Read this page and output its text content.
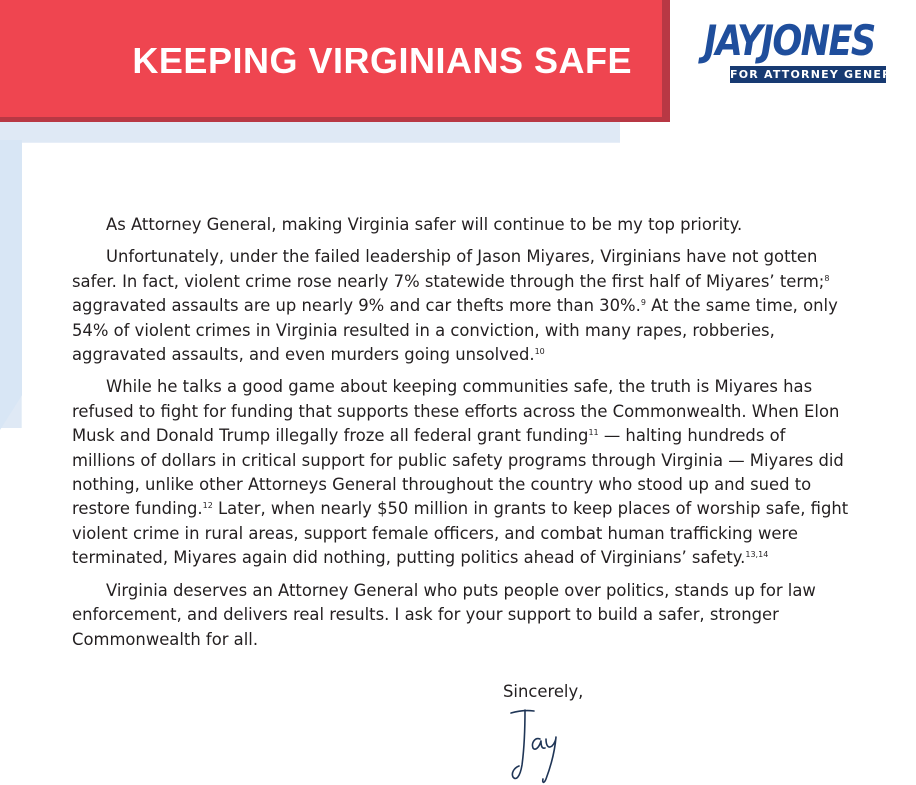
KEEPING VIRGINIANS SAFE JAYJONES
FOR ATTORNEY GENERAL

As Attorney General, making Virginia safer will continue to be my top priority.

Unfortunately, under the failed leadership of Jason Miyares, Virginians have not gotten safer. In fact, violent crime rose nearly 7% statewide through the first half of Miyares’ term;$^8$ aggravated assaults are up nearly 9% and car thefts more than 30%.$^9$ At the same time, only 54% of violent crimes in Virginia resulted in a conviction, with many rapes, robberies, aggravated assaults, and even murders going unsolved.$^{10}$

While he talks a good game about keeping communities safe, the truth is Miyares has refused to fight for funding that supports these efforts across the Commonwealth. When Elon Musk and Donald Trump illegally froze all federal grant funding$^{11}$ — halting hundreds of millions of dollars in critical support for public safety programs through Virginia — Miyares did nothing, unlike other Attorneys General throughout the country who stood up and sued to restore funding.$^{12}$ Later, when nearly $50 million in grants to keep places of worship safe, fight violent crime in rural areas, support female officers, and combat human trafficking were terminated, Miyares again did nothing, putting politics ahead of Virginians’ safety.$^{13,14}$

Virginia deserves an Attorney General who puts people over politics, stands up for law enforcement, and delivers real results. I ask for your support to build a safer, stronger Commonwealth for all.

Sincerely,
